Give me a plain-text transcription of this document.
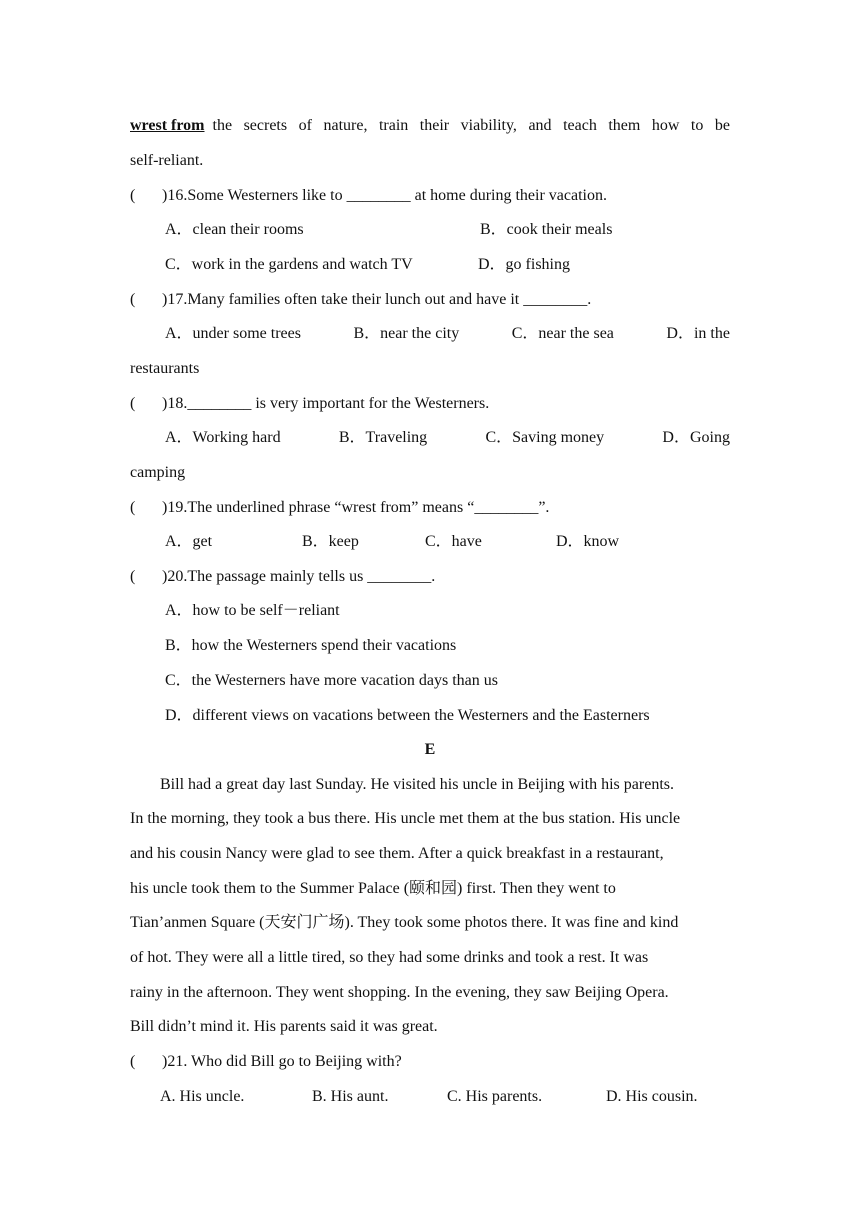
wrest from the secrets of nature, train their viability, and teach them how to be
self-reliant.
( )16.Some Westerners like to ________ at home during their vacation.
A．clean their rooms	B．cook their meals
C．work in the gardens and watch TV	D．go fishing
( )17.Many families often take their lunch out and have it ________.
A．under some trees	B．near the city	C．near the sea	D．in the
restaurants
( )18.________ is very important for the Westerners.
A．Working hard	B．Traveling	C．Saving money	D．Going
camping
( )19.The underlined phrase “wrest from” means “________”.
A．get	B．keep	C．have	D．know
( )20.The passage mainly tells us ________.
A．how to be self－reliant
B．how the Westerners spend their vacations
C．the Westerners have more vacation days than us
D．different views on vacations between the Westerners and the Easterners
E
Bill had a great day last Sunday. He visited his uncle in Beijing with his parents.
In the morning, they took a bus there. His uncle met them at the bus station. His uncle
and his cousin Nancy were glad to see them. After a quick breakfast in a restaurant,
his uncle took them to the Summer Palace (颐和园) first. Then they went to
Tian’anmen Square (天安门广场). They took some photos there. It was fine and kind
of hot. They were all a little tired, so they had some drinks and took a rest. It was
rainy in the afternoon. They went shopping. In the evening, they saw Beijing Opera.
Bill didn’t mind it. His parents said it was great.
( )21. Who did Bill go to Beijing with?
A. His uncle.	B. His aunt.	C. His parents.	D. His cousin.
